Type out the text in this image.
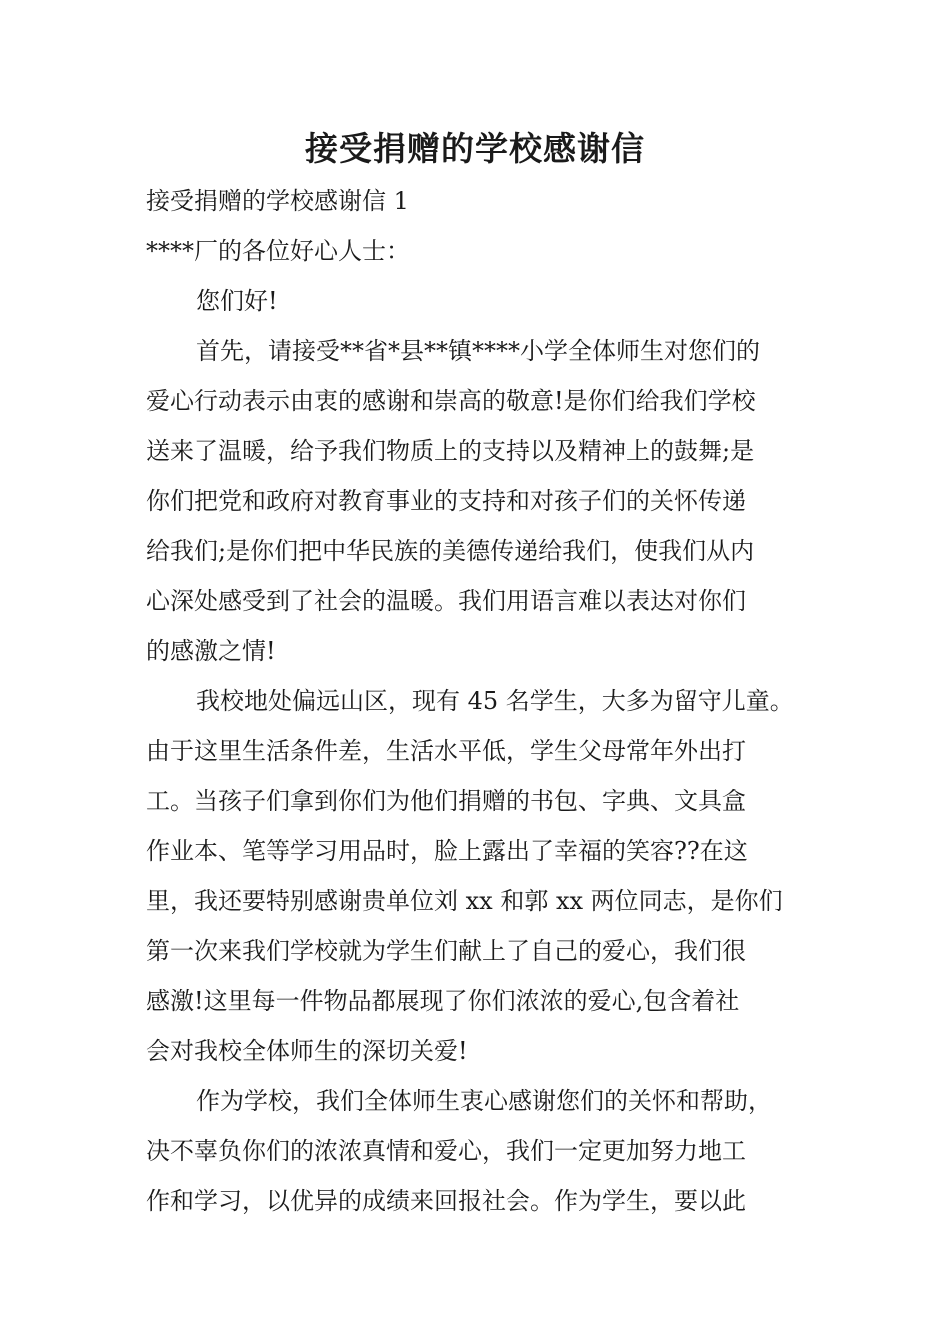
接受捐赠的学校感谢信
接受捐赠的学校感谢信 1
****厂的各位好心人士：
您们好!
首先，请接受**省*县**镇****小学全体师生对您们的
爱心行动表示由衷的感谢和崇高的敬意!是你们给我们学校
送来了温暖，给予我们物质上的支持以及精神上的鼓舞;是
你们把党和政府对教育事业的支持和对孩子们的关怀传递
给我们;是你们把中华民族的美德传递给我们，使我们从内
心深处感受到了社会的温暖。我们用语言难以表达对你们
的感激之情!
我校地处偏远山区，现有 45 名学生，大多为留守儿童。
由于这里生活条件差，生活水平低，学生父母常年外出打
工。当孩子们拿到你们为他们捐赠的书包、字典、文具盒
作业本、笔等学习用品时，脸上露出了幸福的笑容??在这
里，我还要特别感谢贵单位刘 xx 和郭 xx 两位同志，是你们
第一次来我们学校就为学生们献上了自己的爱心，我们很
感激!这里每一件物品都展现了你们浓浓的爱心,包含着社
会对我校全体师生的深切关爱!
作为学校，我们全体师生衷心感谢您们的关怀和帮助，
决不辜负你们的浓浓真情和爱心，我们一定更加努力地工
作和学习，以优异的成绩来回报社会。作为学生，要以此
